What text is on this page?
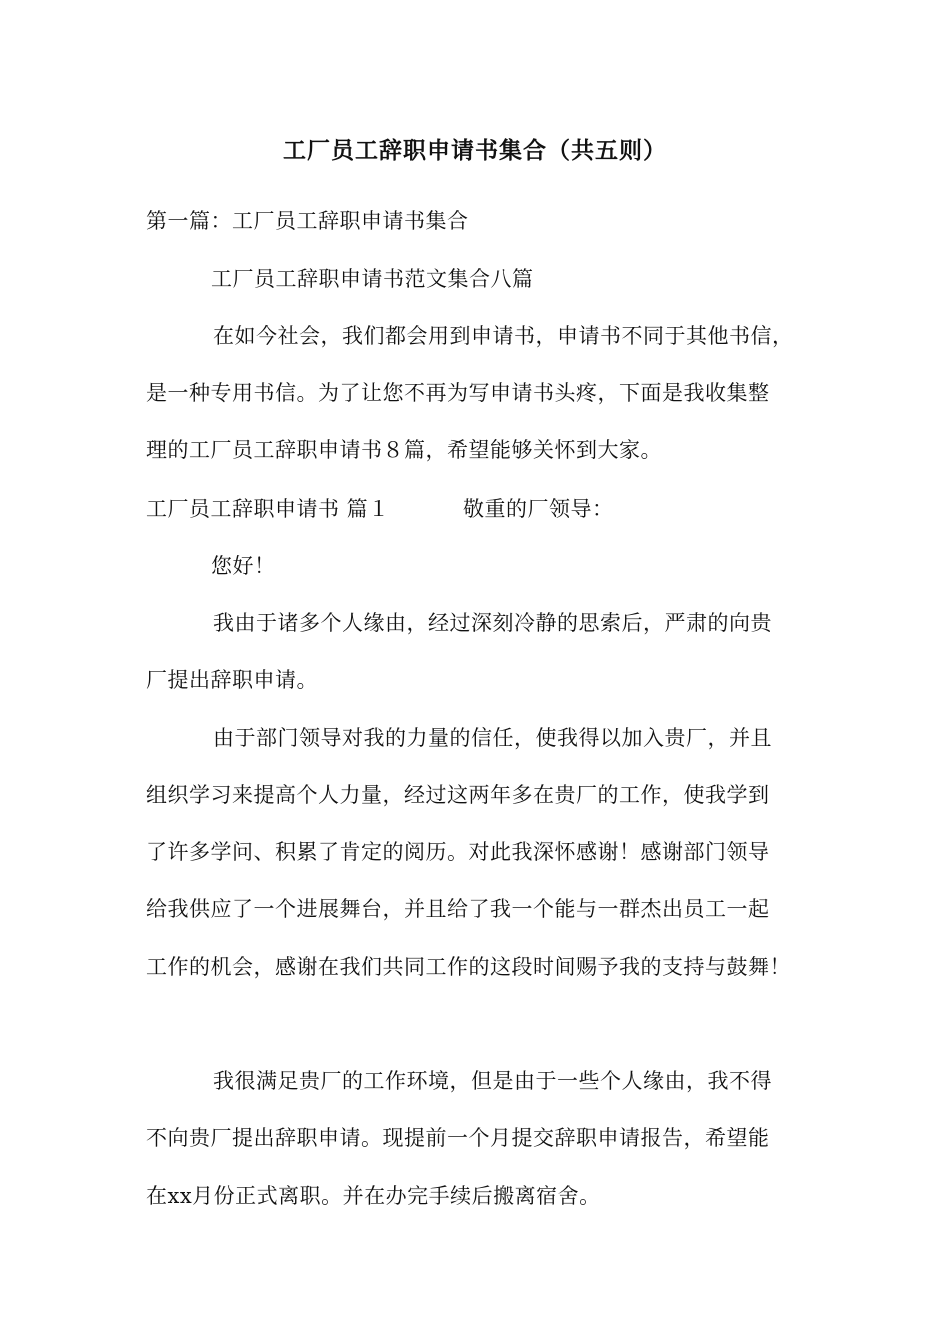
工厂员工辞职申请书集合（共五则）
第一篇：工厂员工辞职申请书集合
工厂员工辞职申请书范文集合八篇
在如今社会，我们都会用到申请书，申请书不同于其他书信，
是一种专用书信。为了让您不再为写申请书头疼，下面是我收集整
理的工厂员工辞职申请书８篇，希望能够关怀到大家。
工厂员工辞职申请书 篇１	敬重的厂领导：
您好！
我由于诸多个人缘由，经过深刻冷静的思索后，严肃的向贵
厂提出辞职申请。
由于部门领导对我的力量的信任，使我得以加入贵厂，并且
组织学习来提高个人力量，经过这两年多在贵厂的工作，使我学到
了许多学问、积累了肯定的阅历。对此我深怀感谢！感谢部门领导
给我供应了一个进展舞台，并且给了我一个能与一群杰出员工一起
工作的机会，感谢在我们共同工作的这段时间赐予我的支持与鼓舞！
我很满足贵厂的工作环境，但是由于一些个人缘由，我不得
不向贵厂提出辞职申请。现提前一个月提交辞职申请报告，希望能
在xx月份正式离职。并在办完手续后搬离宿舍。
